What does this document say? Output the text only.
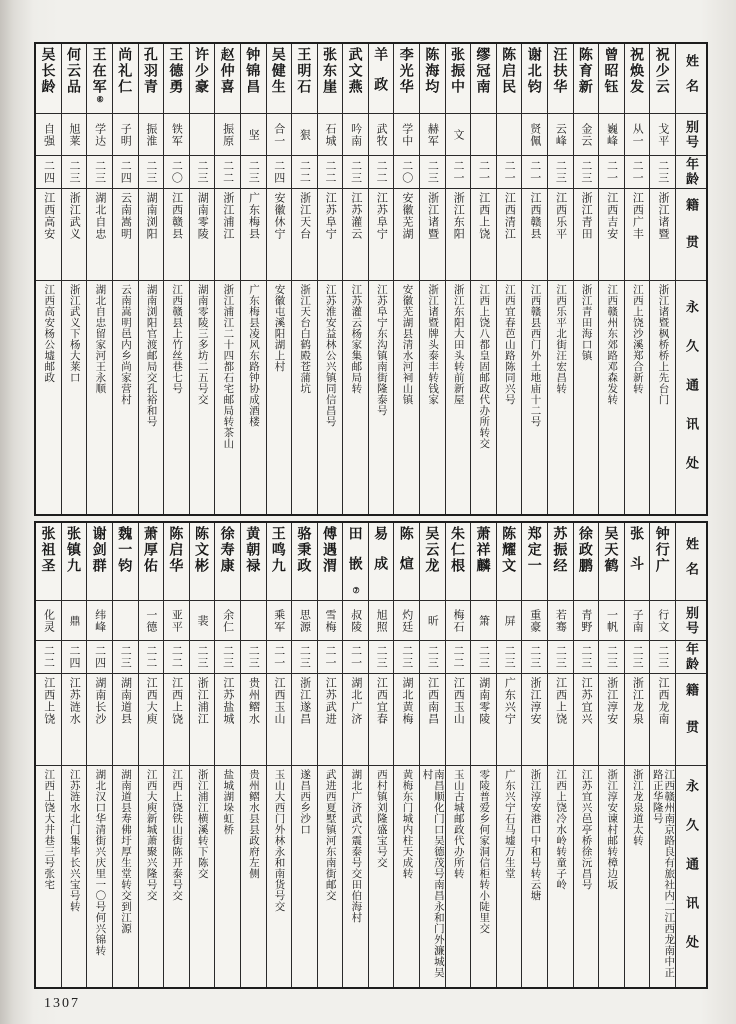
姓名
别号
年龄
籍贯
永久通讯处
祝少云
戈平
二三
浙江诸暨
浙江诸暨枫桥桥上先台门
祝焕发
从一
二一
江西广丰
江西上饶沙溪郑合新转
曾昭钰
巍峰
二一
江西吉安
江西赣州东郊路邓森发转
陈育新
金云
二三
浙江青田
浙江青田海口镇
汪扶华
云峰
二三
江西乐平
江西乐平北街汪宏昌转
谢北钧
贤佩
二一
江西赣县
江西赣县西门外土地庙十二号
陈启民
二一
江西清江
江西宜春芭山路陈同兴号
缪冠南
二一
江西上饶
江西上饶八都皇固邮政代办所转交
张振中
文
二一
浙江东阳
浙江东阳大田头转前新屋
陈海均
赫军
二三
浙江诸暨
浙江诸暨牌头泰丰转钱家
李光华
学中
二〇
安徽芜湖
安徽芜湖县清水河祠山镇
羊政
武牧
二二
江苏阜宁
江苏阜宁东沟镇南街隆泰号
武文燕
吟南
二三
江苏灌云
江苏灌云杨家集邮局转
张东崖
石城
二二
江苏阜宁
江苏淮安益林公兴镇同信昌号
王明石
狠
二二
浙江天台
浙江天台白鹤殿苍蒲坑
吴健生
合一
二四
安徽休宁
安徽屯溪阳湖上村
钟锦昌
坚
二三
广东梅县
广东梅县凌风东路钟协成酒楼
赵仲喜
振原
二二
浙江浦江
浙江浦江二十四都石宅邮局转茶山
许少豪
二三
湖南零陵
湖南零陵三多坊二五号交
王德勇
铁军
二〇
江西赣县
江西赣县上竹丝巷七号
孔羽青
振淮
二三
湖南浏阳
湖南浏阳官渡邮局交孔裕和号
尚礼仁
子明
二四
云南嵩明
云南嵩明邑内乡尚家营村
王在军⑥
学达
二三
湖北自忠
湖北自忠留家河王永顺
何云品
旭莱
二三
浙江武义
浙江武义下杨大莱口
吴长龄
自强
二四
江西高安
江西高安杨公墟邮政
姓名
别号
年龄
籍贯
永久通讯处
钟行广
行文
二三
江西龙南
江西赣州南京路良有旅社内二江西龙南中正路正华隆号
张斗
子南
二三
浙江龙泉
浙江龙泉道太转
吴天鹤
一帆
二三
浙江淳安
浙江淳安谏村邮转樟边坂
徐政鹏
青野
二三
江苏宜兴
江苏宜兴邑亭桥徐沅昌号
苏振经
若骞
二三
江西上饶
江西上饶冷水岭转童子岭
郑定一
重豪
二三
浙江淳安
浙江淳安港口中和号转云塘
陈耀文
屏
二三
广东兴宁
广东兴宁石马墟万生堂
萧祥麟
箫
二三
湖南零陵
零陵普爱乡何家洞信柜转小陡里交
朱仁根
梅石
二二
江西玉山
玉山古城邮政代办所转
吴云龙
昕
二三
江西南昌
南昌顺化门口吴德茂号南昌永和门外濂城吴村
陈煊
灼廷
二三
湖北黄梅
黄梅东门城内柱天成转
易成
旭照
二三
江西宜春
西村镇刘隆盛宝号交
田嵌⑦
叔陵
二一
湖北广济
湖北广济武穴震泰号交田伯海村
傅遇渭
雪梅
二一
江苏武进
武进西夏墅镇河东南街邮交
骆秉政
思源
二三
浙江遂昌
遂昌西乡沙口
王鸣九
乘军
二一
江西玉山
玉山大西门外林永和南货号交
黄朝禄
二三
贵州鳛水
贵州鳛水县县政府左侧
徐寿康
余仁
二三
江苏盐城
盐城湖垛虹桥
陈文彬
裴
二三
浙江浦江
浙江浦江横溪转下陈交
陈启华
亚平
二二
江西上饶
江西上饶铁山街陈开泰号交
萧厚佑
一德
二二
江西大庾
江西大庾新城萧聚兴隆号交
魏一钧
二三
湖南道县
湖南道县寿佛圩厚生堂转交到江源
谢剑群
纬峰
二四
湖南长沙
湖北汉口华清街兴庆里一〇号何兴锦转
张镇九
鼎
二四
江苏涟水
江苏涟水北门集毕长兴宝号转
张祖圣
化灵
二二
江西上饶
江西上饶大井巷三号张宅
1307
